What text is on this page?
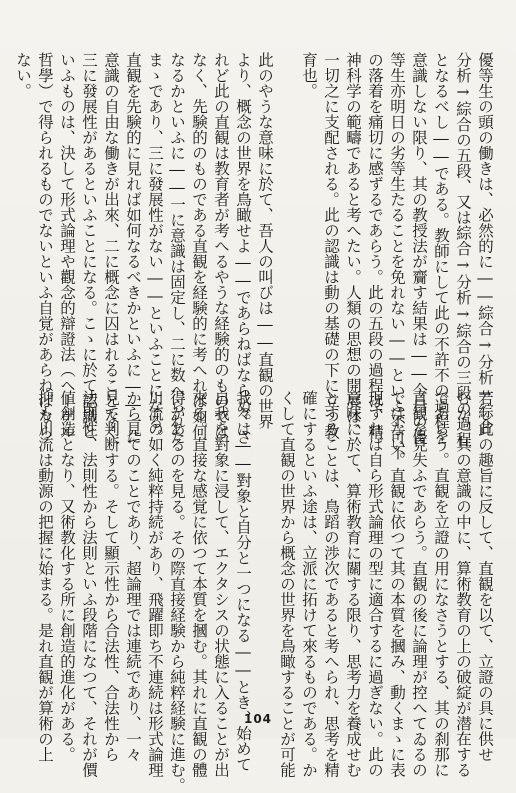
優等生の頭の働きは、必然的に――綜合→分析→綜合

分析→綜合の五段、又は綜合→分析→綜合の三段の過程

となるべし――である。教師にして此の不許不の過程を

意識しない限り、其の教授法が齎す結果は――今日の優

等生亦明日の劣等生たることを免れない――といふ不可不

の落着を痛切に感ずるであらう。此の五段の過程は、精

神科学の範疇であると考へたい。人類の思想の開展は、

一切之に支配される。此の認識は動の基礎の下に立つ教

育也。

此のやうな意味に於て、吾人の叫びは――直観の世界

より、概念の世界を鳥瞰せよ――であらねばならぬ。さ

れど此の直観は教育者が考へるやうな経験的のものでは

なく、先験的のものである直観を経験的に考へれば如何

なるかといふに――一に意識は固定し、二に数へられた

まゝであり、三に發展性がない――といふことになる。

直観を先験的に見れば如何なるべきかといふに――一に

意識の自由な働きが出來、二に概念に囚はれることなく、

三に發展性があるといふことになる。こゝに於て認識と

いふものは、決して形式論理や觀念的辯證法（ヘーゲル

哲學）で得られるものでないといふ自覚があらねばなら

ない。

若し此の趣旨に反して、直観を以て、立證の具に供せ

むか、其の意識の中に、算術教育の上の破綻が潜在する

であらう。直観を立證の用になさうとする、其の刹那に

直観を見失ふであらう。直観の後に論理が控へてゐるの

ではない。直観に依つて其の本質を摑み、動くまゝに表

現すれば自ら形式論理の型に適合するに過ぎない。此の

意味に於て、算術教育に關する限り、思考力を養成せむ

とすることは、鳥蹈の渉次であると考へられ、思考を精

確にするといふ途は、立派に拓けて來るものである。か

くして直観の世界から概念の世界を鳥瞰することが可能

我々は――對象と自分と一つになる――とき、始めて

自我を對象に浸して、エクタシスの状態に入ることが出

來る。直接な感覚に依つて本質を摑む。其れに直観の體

得があるのを見る。その際直接経験から純粹経験に進む。

川流の如く純粹持続があり、飛躍即ち不連続は形式論理

から見てのことであり、超論理では連続であり、一々

見て判断する。そして顯示性から合法性、合法性から

法則性、法則性から法則といふ段階になつて、それが價

値創造となり、又術教化する所に創造的進化がある。

抑も川流は動源の把握に始まる。是れ直観が算術の上	104
